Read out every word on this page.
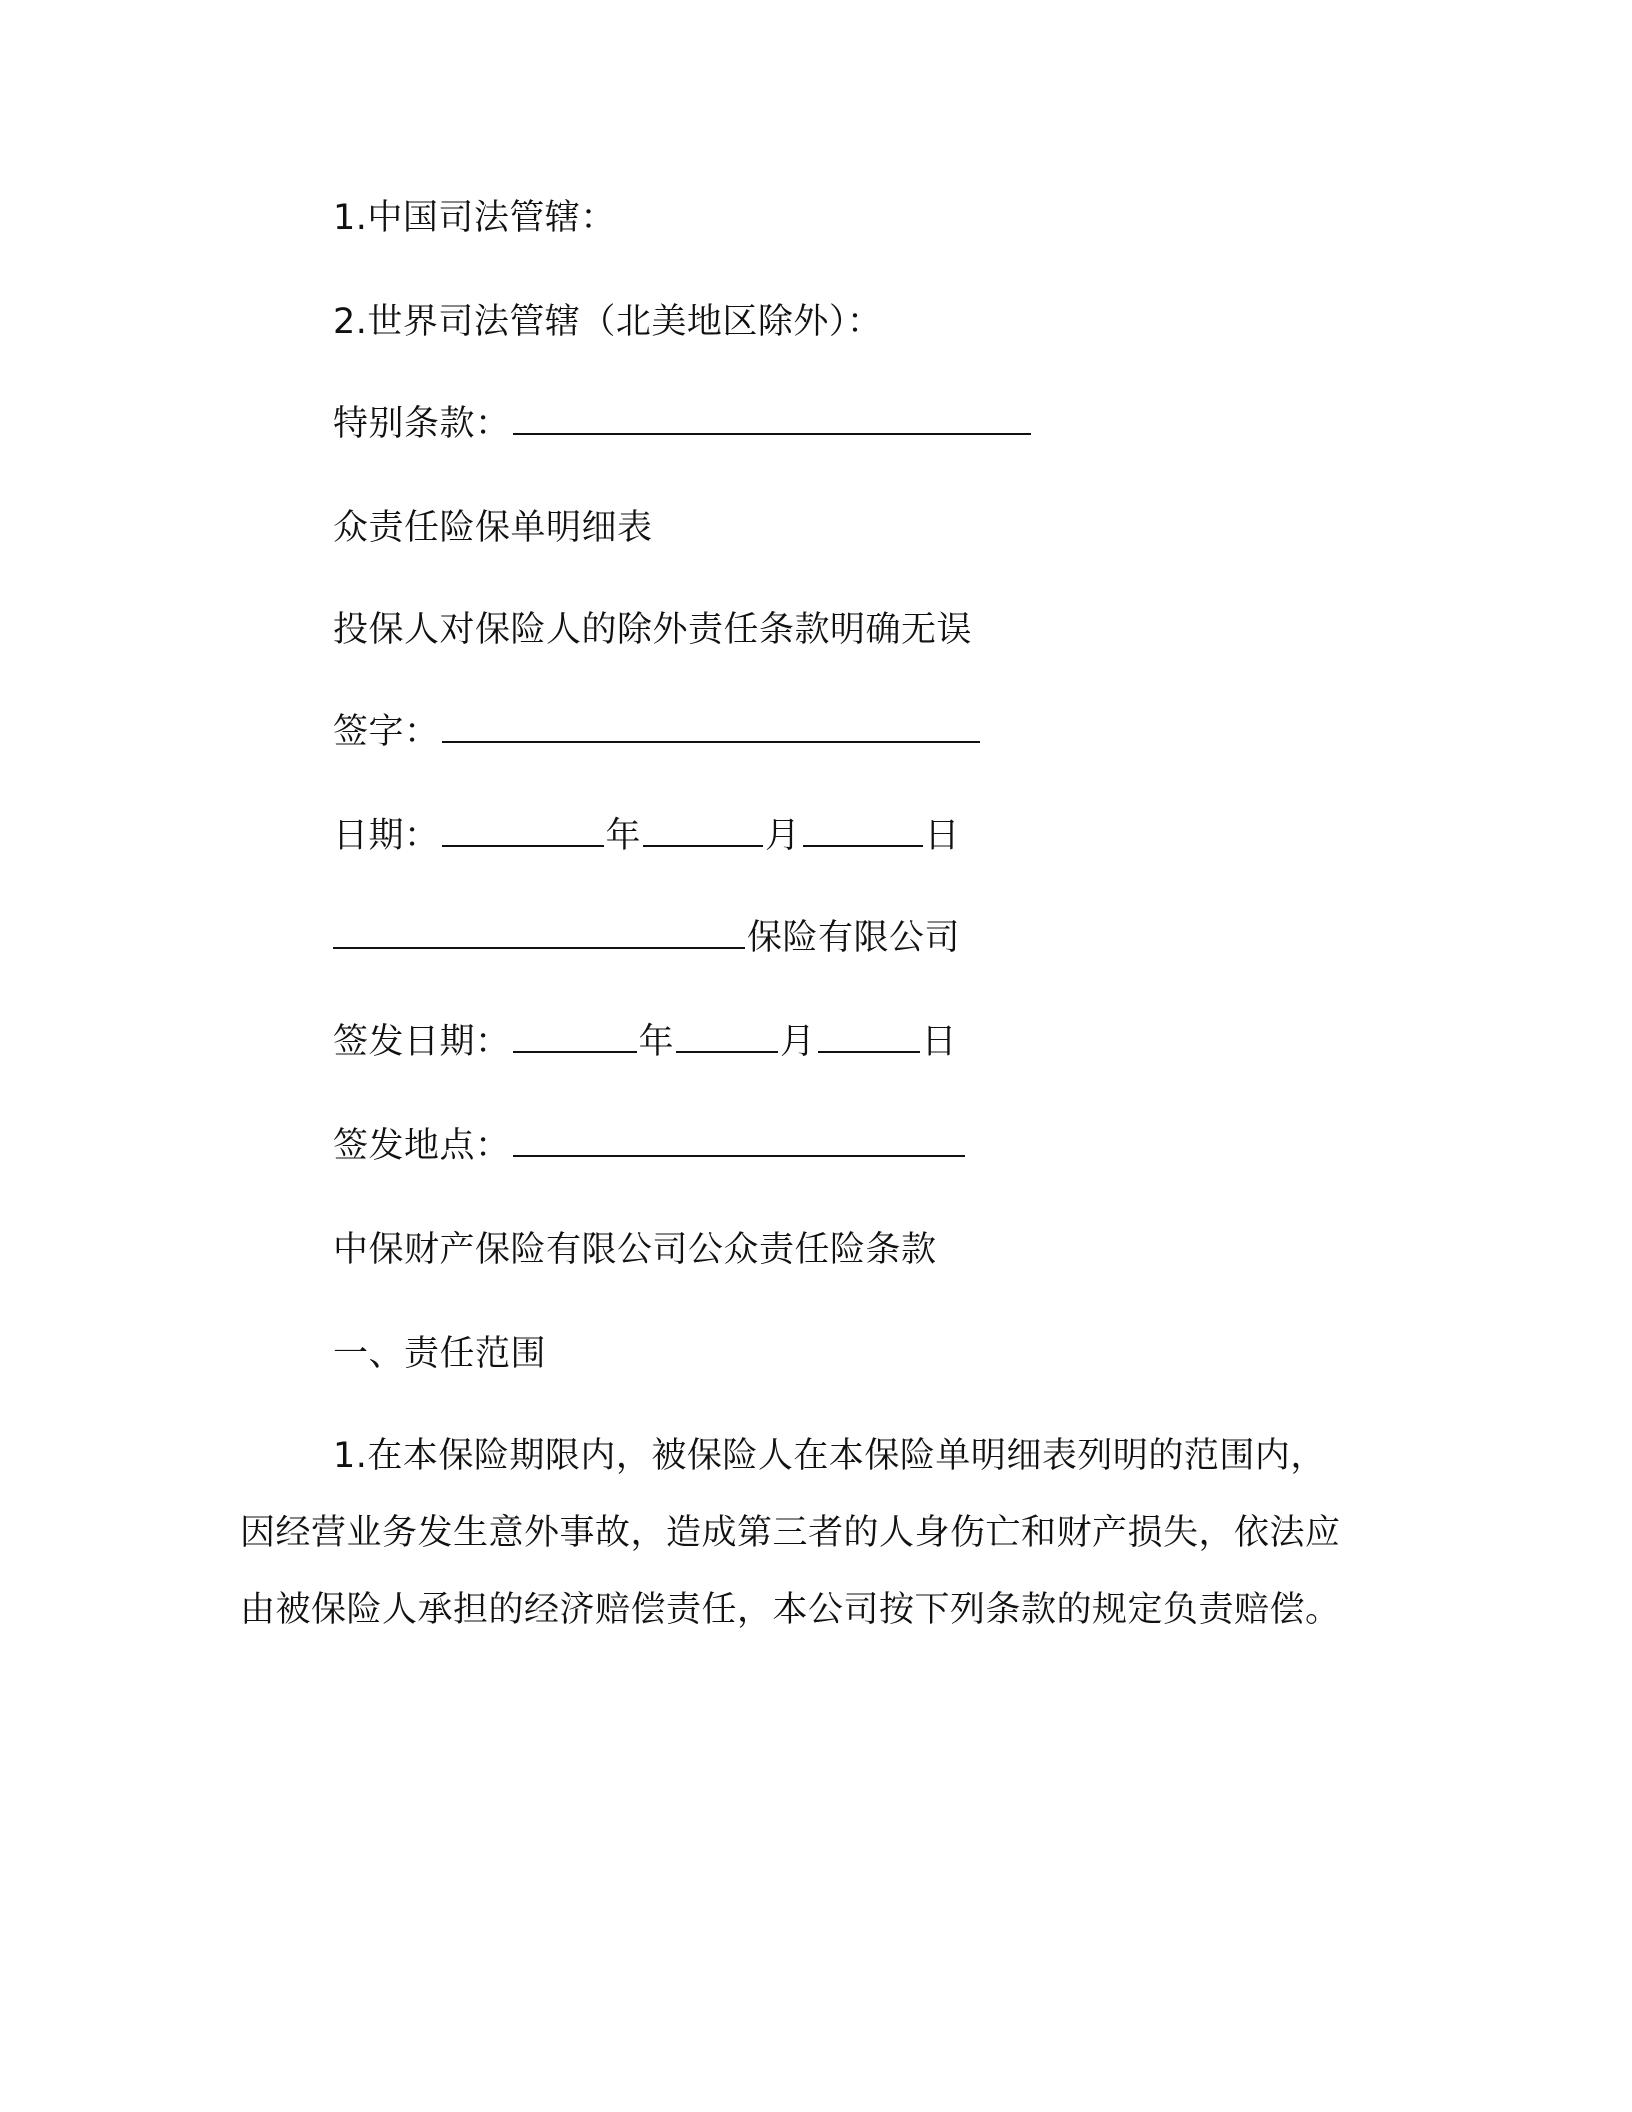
1.中国司法管辖：
2.世界司法管辖（北美地区除外）：
特别条款：
众责任险保单明细表
投保人对保险人的除外责任条款明确无误
签字：
日期：	年	月	日
保险有限公司
签发日期：	年	月	日
签发地点：
中保财产保险有限公司公众责任险条款
一、责任范围
1.在本保险期限内，被保险人在本保险单明细表列明的范围内，因经营业务发生意外事故，造成第三者的人身伤亡和财产损失，依法应由被保险人承担的经济赔偿责任，本公司按下列条款的规定负责赔偿。
